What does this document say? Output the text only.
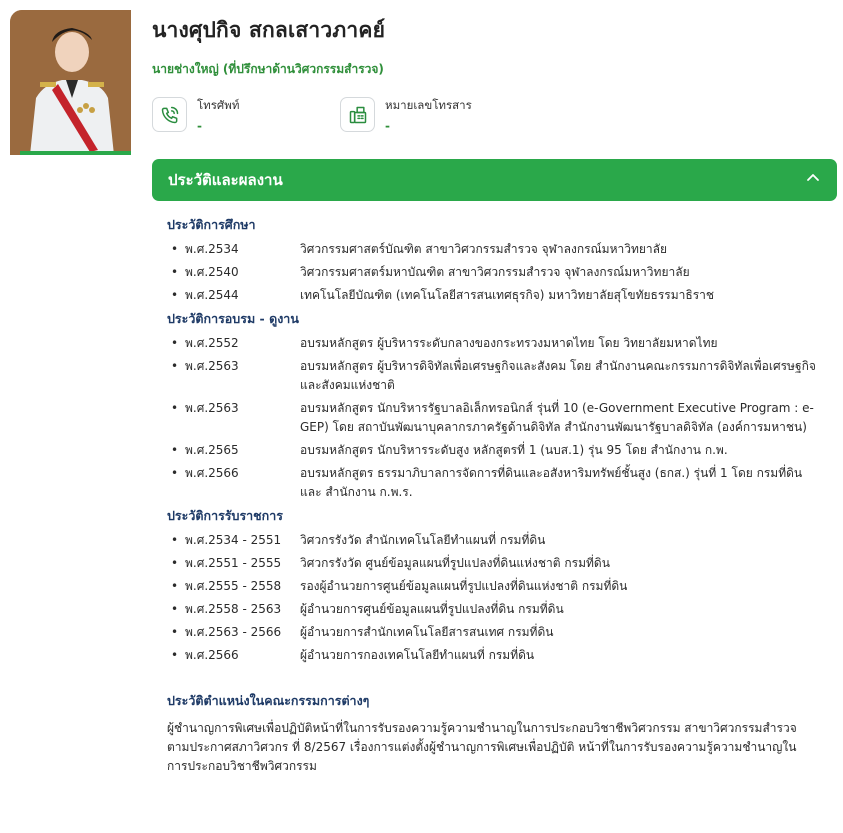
นางศุปกิจ สกลเสาวภาคย์
นายช่างใหญ่ (ที่ปรึกษาด้านวิศวกรรมสำรวจ)
โทรศัพท์
-
หมายเลขโทรสาร
-
ประวัติและผลงาน
ประวัติการศึกษา
• พ.ศ.2534	วิศวกรรมศาสตร์บัณฑิต สาขาวิศวกรรมสำรวจ จุฬาลงกรณ์มหาวิทยาลัย
• พ.ศ.2540	วิศวกรรมศาสตร์มหาบัณฑิต สาขาวิศวกรรมสำรวจ จุฬาลงกรณ์มหาวิทยาลัย
• พ.ศ.2544	เทคโนโลยีบัณฑิต (เทคโนโลยีสารสนเทศธุรกิจ) มหาวิทยาลัยสุโขทัยธรรมาธิราช
ประวัติการอบรม - ดูงาน
• พ.ศ.2552	อบรมหลักสูตร ผู้บริหารระดับกลางของกระทรวงมหาดไทย โดย วิทยาลัยมหาดไทย
• พ.ศ.2563	อบรมหลักสูตร ผู้บริหารดิจิทัลเพื่อเศรษฐกิจและสังคม โดย สำนักงานคณะกรรมการดิจิทัลเพื่อเศรษฐกิจและสังคมแห่งชาติ
• พ.ศ.2563	อบรมหลักสูตร นักบริหารรัฐบาลอิเล็กทรอนิกส์ รุ่นที่ 10 (e-Government Executive Program : e-GEP) โดย สถาบันพัฒนาบุคลากรภาครัฐด้านดิจิทัล สำนักงานพัฒนารัฐบาลดิจิทัล (องค์การมหาชน)
• พ.ศ.2565	อบรมหลักสูตร นักบริหารระดับสูง หลักสูตรที่ 1 (นบส.1) รุ่น 95 โดย สำนักงาน ก.พ.
• พ.ศ.2566	อบรมหลักสูตร ธรรมาภิบาลการจัดการที่ดินและอสังหาริมทรัพย์ชั้นสูง (ธกส.) รุ่นที่ 1 โดย กรมที่ดิน และ สำนักงาน ก.พ.ร.
ประวัติการรับราชการ
• พ.ศ.2534 - 2551	วิศวกรรังวัด สำนักเทคโนโลยีทำแผนที่ กรมที่ดิน
• พ.ศ.2551 - 2555	วิศวกรรังวัด ศูนย์ข้อมูลแผนที่รูปแปลงที่ดินแห่งชาติ กรมที่ดิน
• พ.ศ.2555 - 2558	รองผู้อำนวยการศูนย์ข้อมูลแผนที่รูปแปลงที่ดินแห่งชาติ กรมที่ดิน
• พ.ศ.2558 - 2563	ผู้อำนวยการศูนย์ข้อมูลแผนที่รูปแปลงที่ดิน กรมที่ดิน
• พ.ศ.2563 - 2566	ผู้อำนวยการสำนักเทคโนโลยีสารสนเทศ กรมที่ดิน
• พ.ศ.2566	ผู้อำนวยการกองเทคโนโลยีทำแผนที่ กรมที่ดิน
ประวัติตำแหน่งในคณะกรรมการต่างๆ
ผู้ชำนาญการพิเศษเพื่อปฏิบัติหน้าที่ในการรับรองความรู้ความชำนาญในการประกอบวิชาชีพวิศวกรรม สาขาวิศวกรรมสำรวจ ตามประกาศสภาวิศวกร ที่ 8/2567 เรื่องการแต่งตั้งผู้ชำนาญการพิเศษเพื่อปฏิบัติ หน้าที่ในการรับรองความรู้ความชำนาญในการประกอบวิชาชีพวิศวกรรม
